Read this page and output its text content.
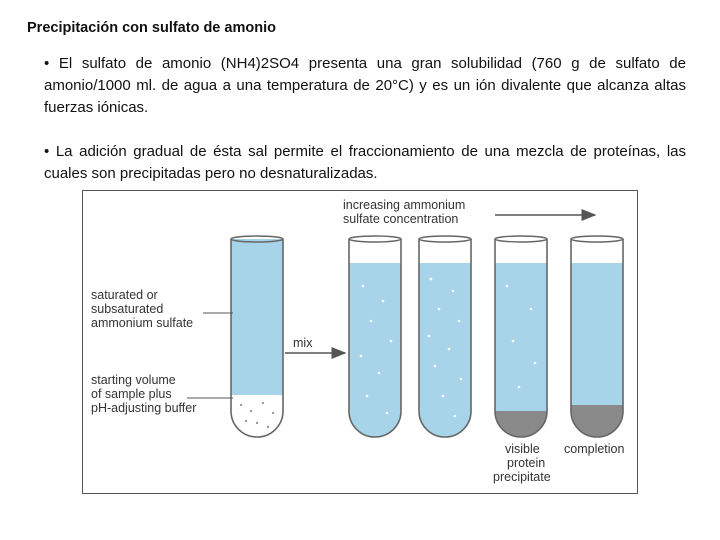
Precipitación con sulfato de amonio
• El sulfato de amonio (NH4)2SO4 presenta una gran solubilidad (760 g de sulfato de amonio/1000 ml. de agua a una temperatura de 20°C) y es un ión divalente que alcanza altas fuerzas iónicas.
• La adición gradual de ésta sal permite el fraccionamiento de una mezcla de proteínas, las cuales son precipitadas pero no desnaturalizadas.
increasing ammonium
sulfate concentration
saturated or
subsaturated
ammonium sulfate
mix
starting volume
of sample plus
pH-adjusting buffer
visible
protein
precipitate
completion
